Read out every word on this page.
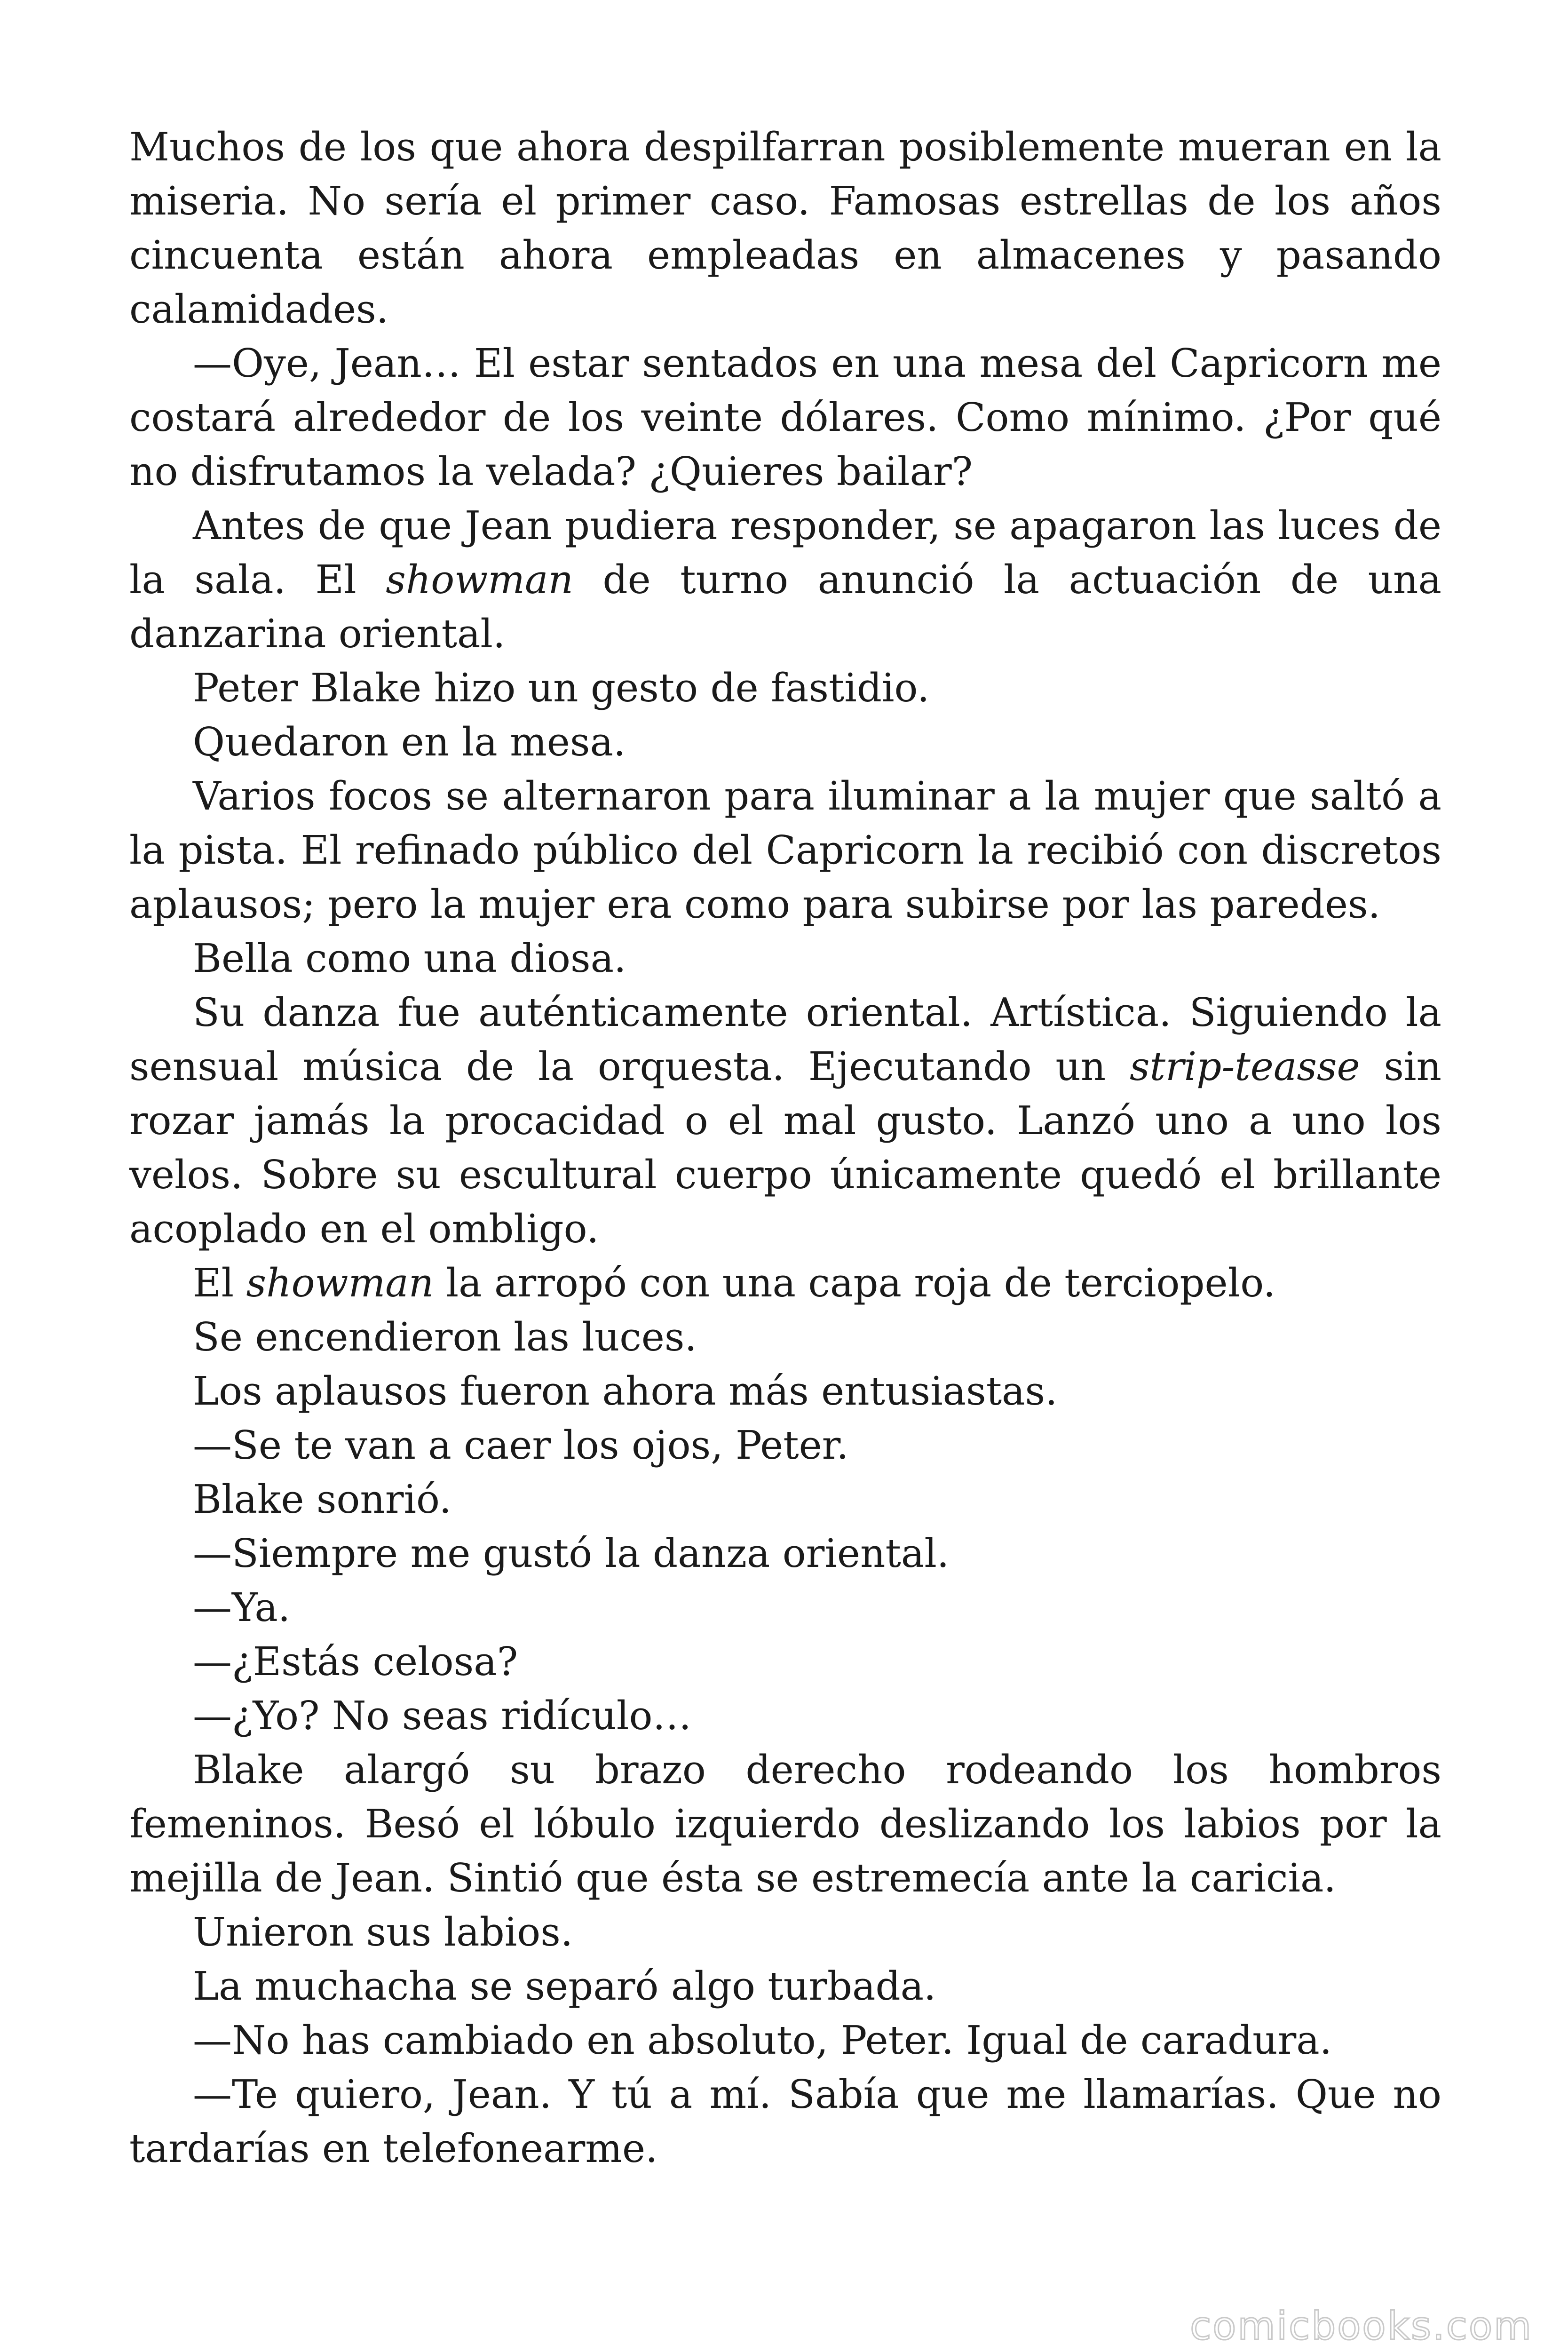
Muchos de los que ahora despilfarran posiblemente mueran en la miseria. No sería el primer caso. Famosas estrellas de los años cincuenta están ahora empleadas en almacenes y pasando calamidades.

—Oye, Jean… El estar sentados en una mesa del Capricorn me costará alrededor de los veinte dólares. Como mínimo. ¿Por qué no disfrutamos la velada? ¿Quieres bailar?

Antes de que Jean pudiera responder, se apagaron las luces de la sala. El showman de turno anunció la actuación de una danzarina oriental.

Peter Blake hizo un gesto de fastidio.

Quedaron en la mesa.

Varios focos se alternaron para iluminar a la mujer que saltó a la pista. El refinado público del Capricorn la recibió con discretos aplausos; pero la mujer era como para subirse por las paredes.

Bella como una diosa.

Su danza fue auténticamente oriental. Artística. Siguiendo la sensual música de la orquesta. Ejecutando un strip-teasse sin rozar jamás la procacidad o el mal gusto. Lanzó uno a uno los velos. Sobre su escultural cuerpo únicamente quedó el brillante acoplado en el ombligo.

El showman la arropó con una capa roja de terciopelo.

Se encendieron las luces.

Los aplausos fueron ahora más entusiastas.

—Se te van a caer los ojos, Peter.

Blake sonrió.

—Siempre me gustó la danza oriental.

—Ya.

—¿Estás celosa?

—¿Yo? No seas ridículo…

Blake alargó su brazo derecho rodeando los hombros femeninos. Besó el lóbulo izquierdo deslizando los labios por la mejilla de Jean. Sintió que ésta se estremecía ante la caricia.

Unieron sus labios.

La muchacha se separó algo turbada.

—No has cambiado en absoluto, Peter. Igual de caradura.

—Te quiero, Jean. Y tú a mí. Sabía que me llamarías. Que no tardarías en telefonearme.

comicbooks.com
